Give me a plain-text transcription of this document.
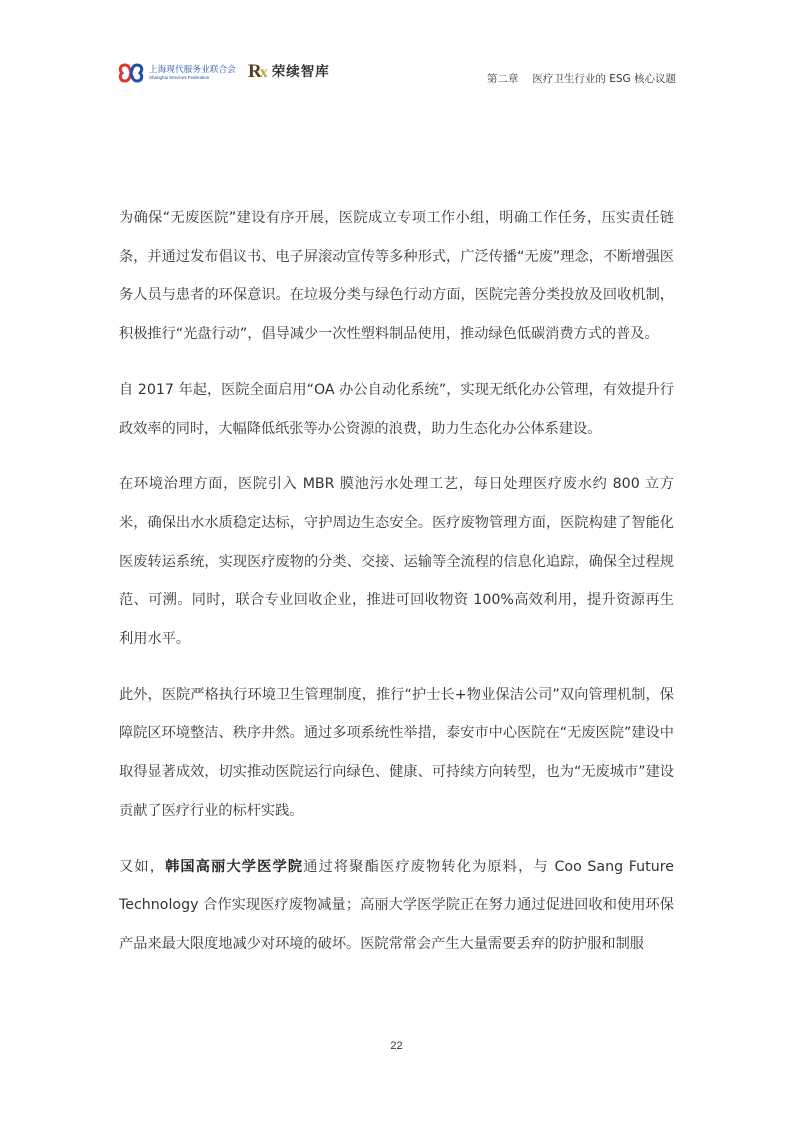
上海现代服务业联合会
Shanghai Services Federation	Rx 荣续智库	第二章 医疗卫生行业的 ESG 核心议题

为确保“无废医院”建设有序开展，医院成立专项工作小组，明确工作任务，压实责任链条，并通过发布倡议书、电子屏滚动宣传等多种形式，广泛传播“无废”理念，不断增强医务人员与患者的环保意识。在垃圾分类与绿色行动方面，医院完善分类投放及回收机制，积极推行“光盘行动”，倡导减少一次性塑料制品使用，推动绿色低碳消费方式的普及。

自 2017 年起，医院全面启用“OA 办公自动化系统”，实现无纸化办公管理，有效提升行政效率的同时，大幅降低纸张等办公资源的浪费，助力生态化办公体系建设。

在环境治理方面，医院引入 MBR 膜池污水处理工艺，每日处理医疗废水约 800 立方米，确保出水水质稳定达标，守护周边生态安全。医疗废物管理方面，医院构建了智能化医废转运系统，实现医疗废物的分类、交接、运输等全流程的信息化追踪，确保全过程规范、可溯。同时，联合专业回收企业，推进可回收物资 100%高效利用，提升资源再生利用水平。

此外，医院严格执行环境卫生管理制度，推行“护士长+物业保洁公司”双向管理机制，保障院区环境整洁、秩序井然。通过多项系统性举措，泰安市中心医院在“无废医院”建设中取得显著成效，切实推动医院运行向绿色、健康、可持续方向转型，也为“无废城市”建设贡献了医疗行业的标杆实践。

又如，韩国高丽大学医学院通过将聚酯医疗废物转化为原料，与 Coo Sang Future Technology 合作实现医疗废物减量；高丽大学医学院正在努力通过促进回收和使用环保产品来最大限度地减少对环境的破坏。医院常常会产生大量需要丢弃的防护服和制服

22
